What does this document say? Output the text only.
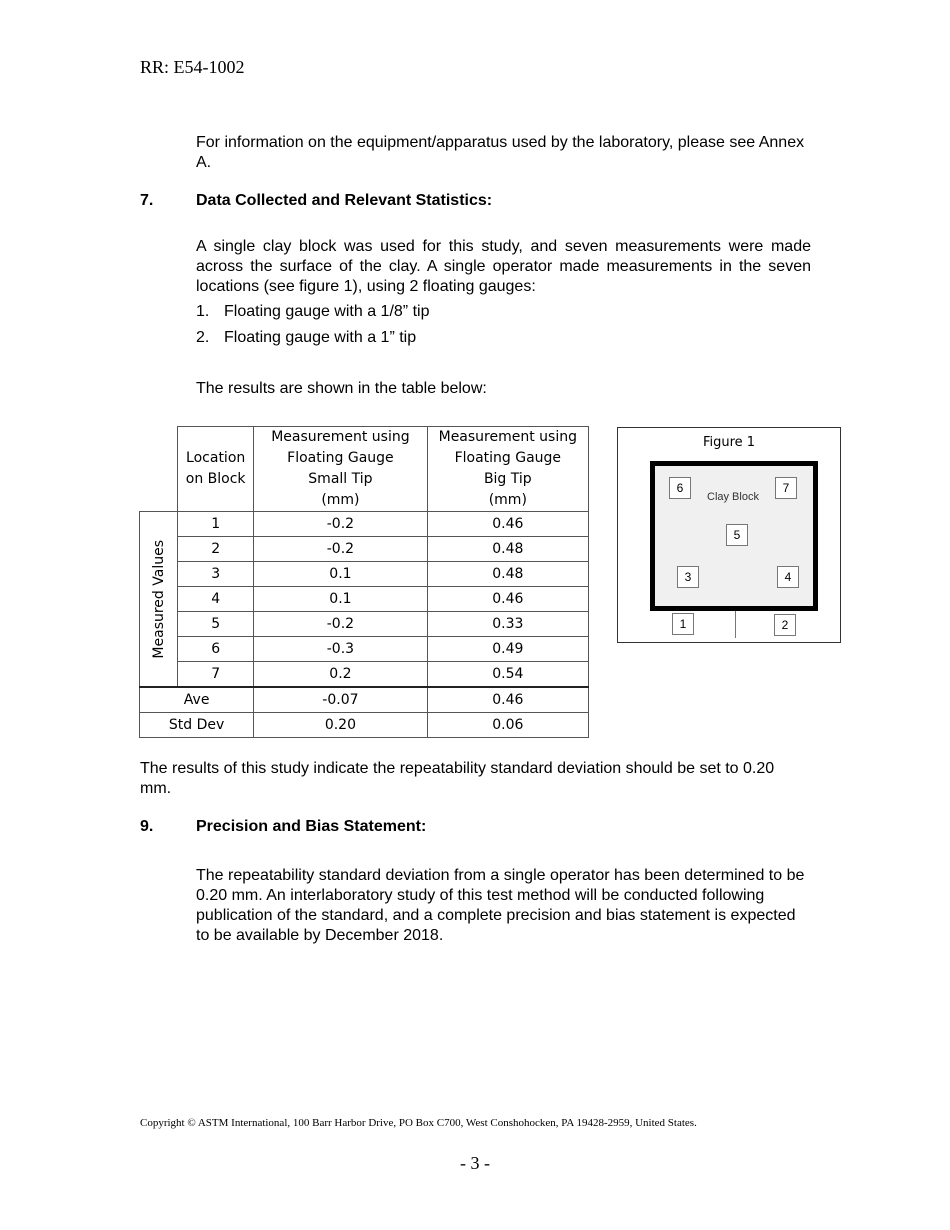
RR: E54-1002
For information on the equipment/apparatus used by the laboratory, please see Annex A.
7.	Data Collected and Relevant Statistics:
A single clay block was used for this study, and seven measurements were made across the surface of the clay. A single operator made measurements in the seven locations (see figure 1), using 2 floating gauges:
1. Floating gauge with a 1/8” tip
2. Floating gauge with a 1” tip
The results are shown in the table below:

Location
on Block

Measurement using
Floating Gauge
Small Tip
(mm)

Measurement using
Floating Gauge
Big Tip
(mm)

Measured Values	1	-0.2	0.46
	2	-0.2	0.48
	3	0.1	0.48
	4	0.1	0.46
	5	-0.2	0.33
	6	-0.3	0.49
	7	0.2	0.54
Ave		-0.07	0.46
Std Dev		0.20	0.06
Figure 1
Clay Block
6	7
5
3	4
1	2
The results of this study indicate the repeatability standard deviation should be set to 0.20 mm.
9.	Precision and Bias Statement:
The repeatability standard deviation from a single operator has been determined to be 0.20 mm. An interlaboratory study of this test method will be conducted following publication of the standard, and a complete precision and bias statement is expected to be available by December 2018.
Copyright © ASTM International, 100 Barr Harbor Drive, PO Box C700, West Conshohocken, PA 19428-2959, United States.
- 3 -
